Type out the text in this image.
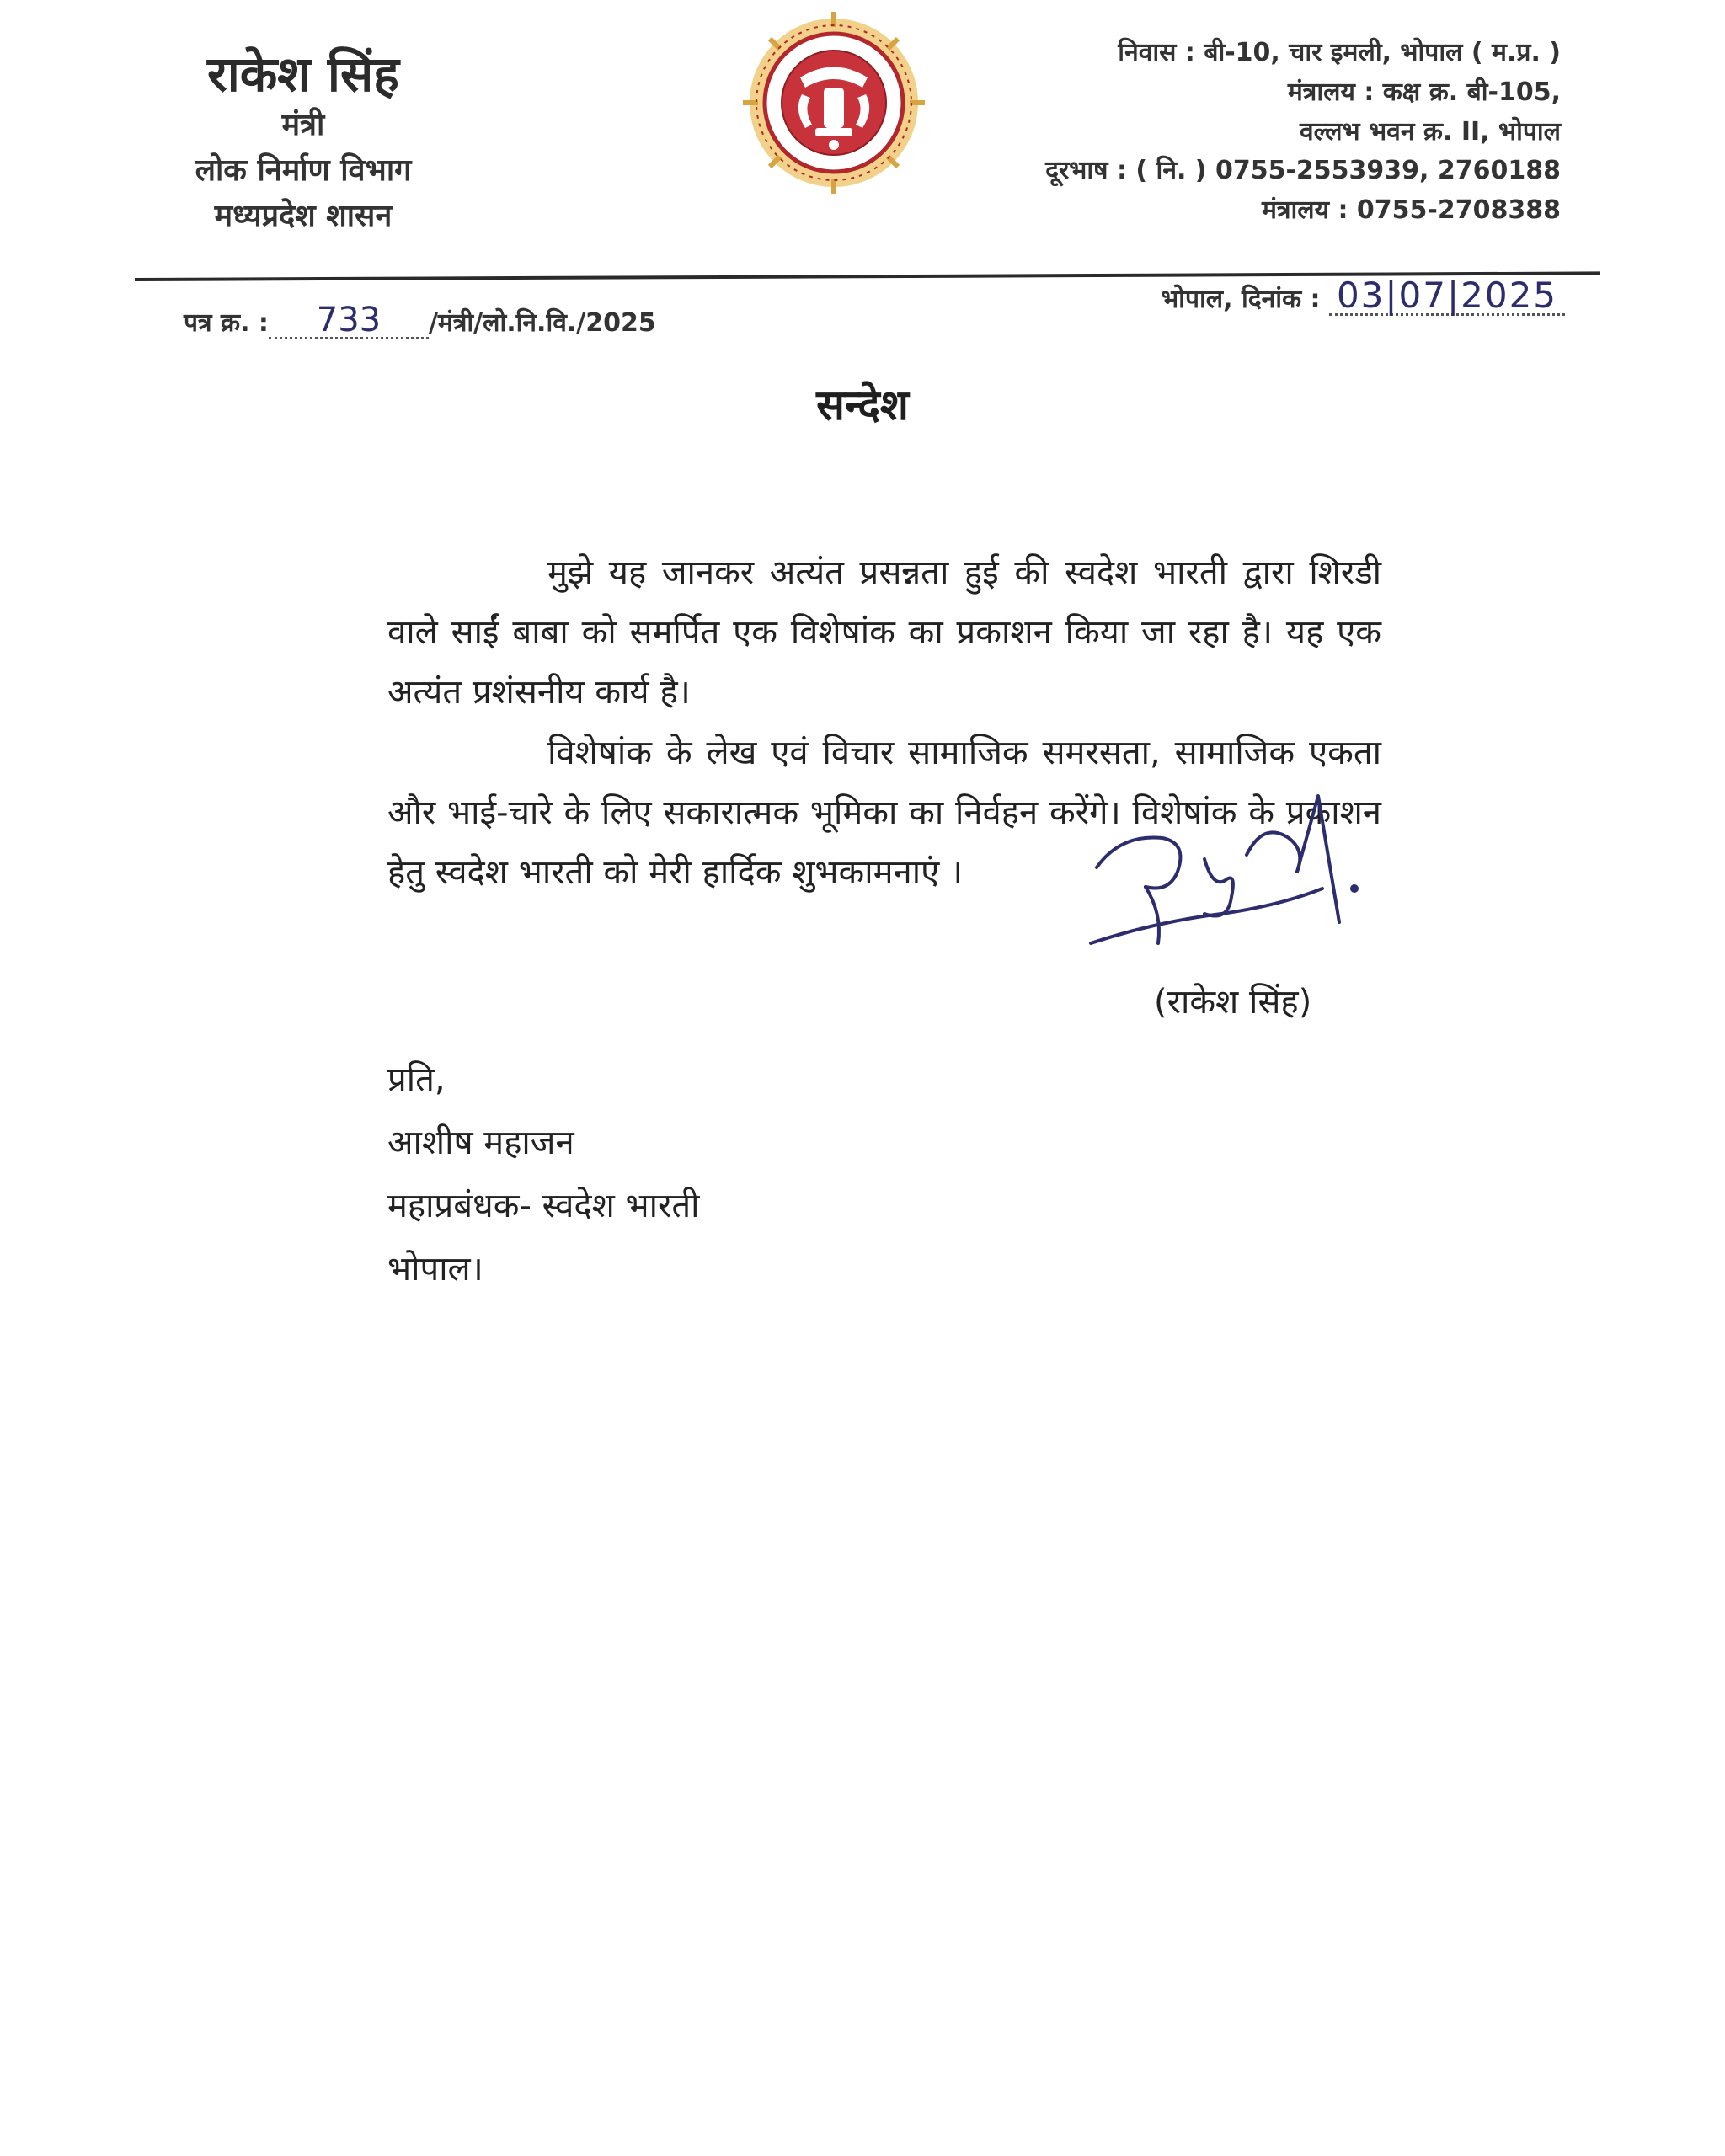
राकेश सिंह
मंत्री
लोक निर्माण विभाग
मध्यप्रदेश शासन
निवास : बी-10, चार इमली, भोपाल ( म.प्र. )
मंत्रालय : कक्ष क्र. बी-105,
वल्लभ भवन क्र. II, भोपाल
दूरभाष : ( नि. ) 0755-2553939, 2760188
मंत्रालय : 0755-2708388
पत्र क्र. : 733 /मंत्री/लो.नि.वि./2025
भोपाल, दिनांक : 03|07|2025
सन्देश

मुझे यह जानकर अत्यंत प्रसन्नता हुई की स्वदेश भारती द्वारा शिरडी वाले साईं बाबा को समर्पित एक विशेषांक का प्रकाशन किया जा रहा है। यह एक अत्यंत प्रशंसनीय कार्य है।

विशेषांक के लेख एवं विचार सामाजिक समरसता, सामाजिक एकता और भाई-चारे के लिए सकारात्मक भूमिका का निर्वहन करेंगे। विशेषांक के प्रकाशन हेतु स्वदेश भारती को मेरी हार्दिक शुभकामनाएं ।

(राकेश सिंह)
प्रति,
आशीष महाजन
महाप्रबंधक- स्वदेश भारती
भोपाल।
